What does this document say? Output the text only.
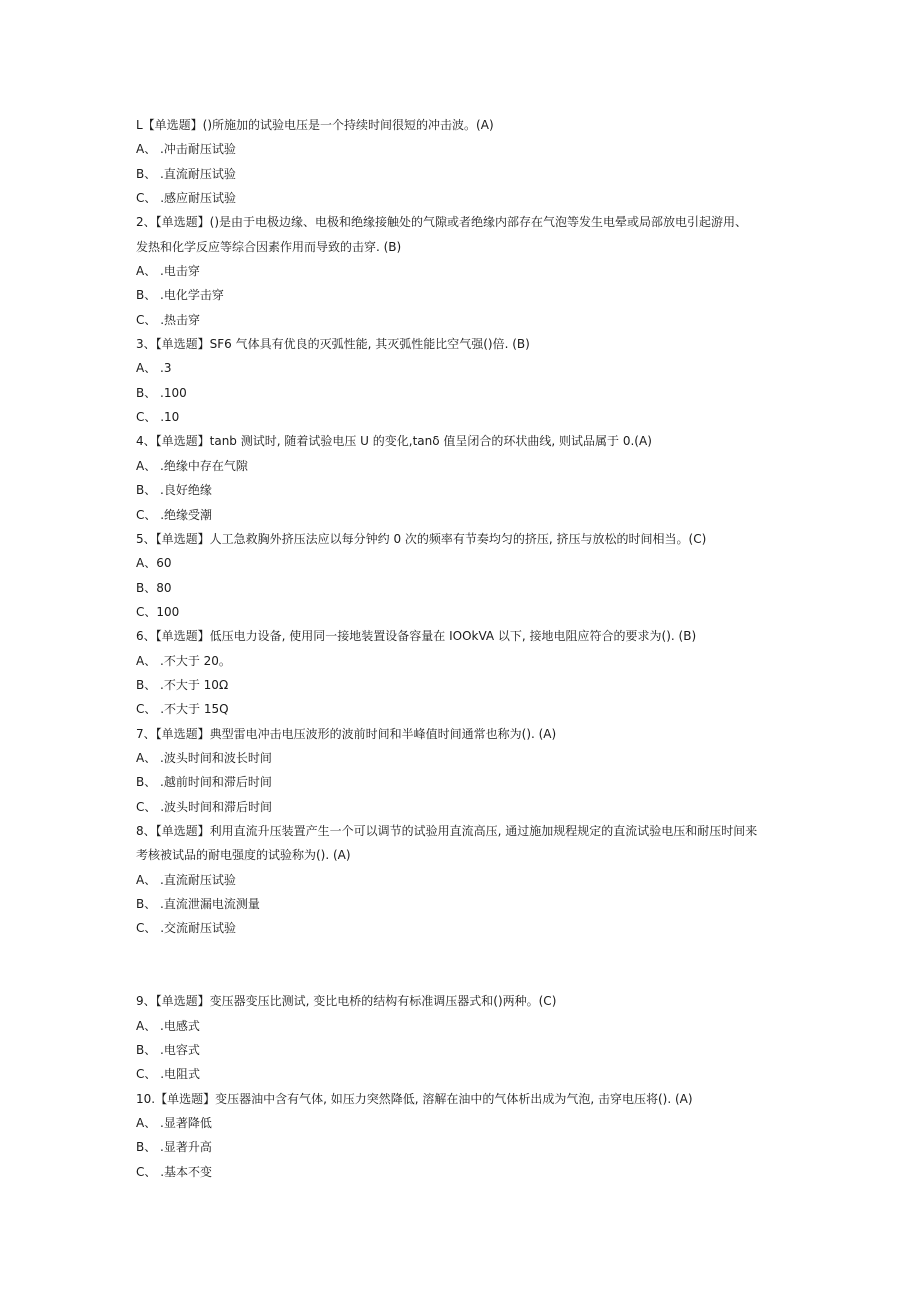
L【单选题】()所施加的试验电压是一个持续时间很短的冲击波。(A)
A、 .冲击耐压试验
B、 .直流耐压试验
C、 .感应耐压试验
2、【单选题】()是由于电极边缘、电极和绝缘接触处的气隙或者绝缘内部存在气泡等发生电晕或局部放电引起游用、
发热和化学反应等综合因素作用而导致的击穿. (B)
A、 .电击穿
B、 .电化学击穿
C、 .热击穿
3、【单选题】SF6 气体具有优良的灭弧性能, 其灭弧性能比空气强()倍. (B)
A、 .3
B、 .100
C、 .10
4、【单选题】tanb 测试时, 随着试验电压 U 的变化,tanδ 值呈闭合的环状曲线, 则试品属于 0.(A)
A、 .绝缘中存在气隙
B、 .良好绝缘
C、 .绝缘受潮
5、【单选题】人工急救胸外挤压法应以每分钟约 0 次的频率有节奏均匀的挤压, 挤压与放松的时间相当。(C)
A、60
B、80
C、100
6、【单选题】低压电力设备, 使用同一接地装置设备容量在 IOOkVA 以下, 接地电阻应符合的要求为(). (B)
A、 .不大于 20。
B、 .不大于 10Ω
C、 .不大于 15Q
7、【单选题】典型雷电冲击电压波形的波前时间和半峰值时间通常也称为(). (A)
A、 .波头时间和波长时间
B、 .越前时间和滞后时间
C、 .波头时间和滞后时间
8、【单选题】利用直流升压装置产生一个可以调节的试验用直流高压, 通过施加规程规定的直流试验电压和耐压时间来
考核被试品的耐电强度的试验称为(). (A)
A、 .直流耐压试验
B、 .直流泄漏电流测量
C、 .交流耐压试验
9、【单选题】变压器变压比测试, 变比电桥的结构有标准调压器式和()两种。(C)
A、 .电感式
B、 .电容式
C、 .电阻式
10.【单选题】变压器油中含有气体, 如压力突然降低, 溶解在油中的气体析出成为气泡, 击穿电压将(). (A)
A、 .显著降低
B、 .显著升高
C、 .基本不变
